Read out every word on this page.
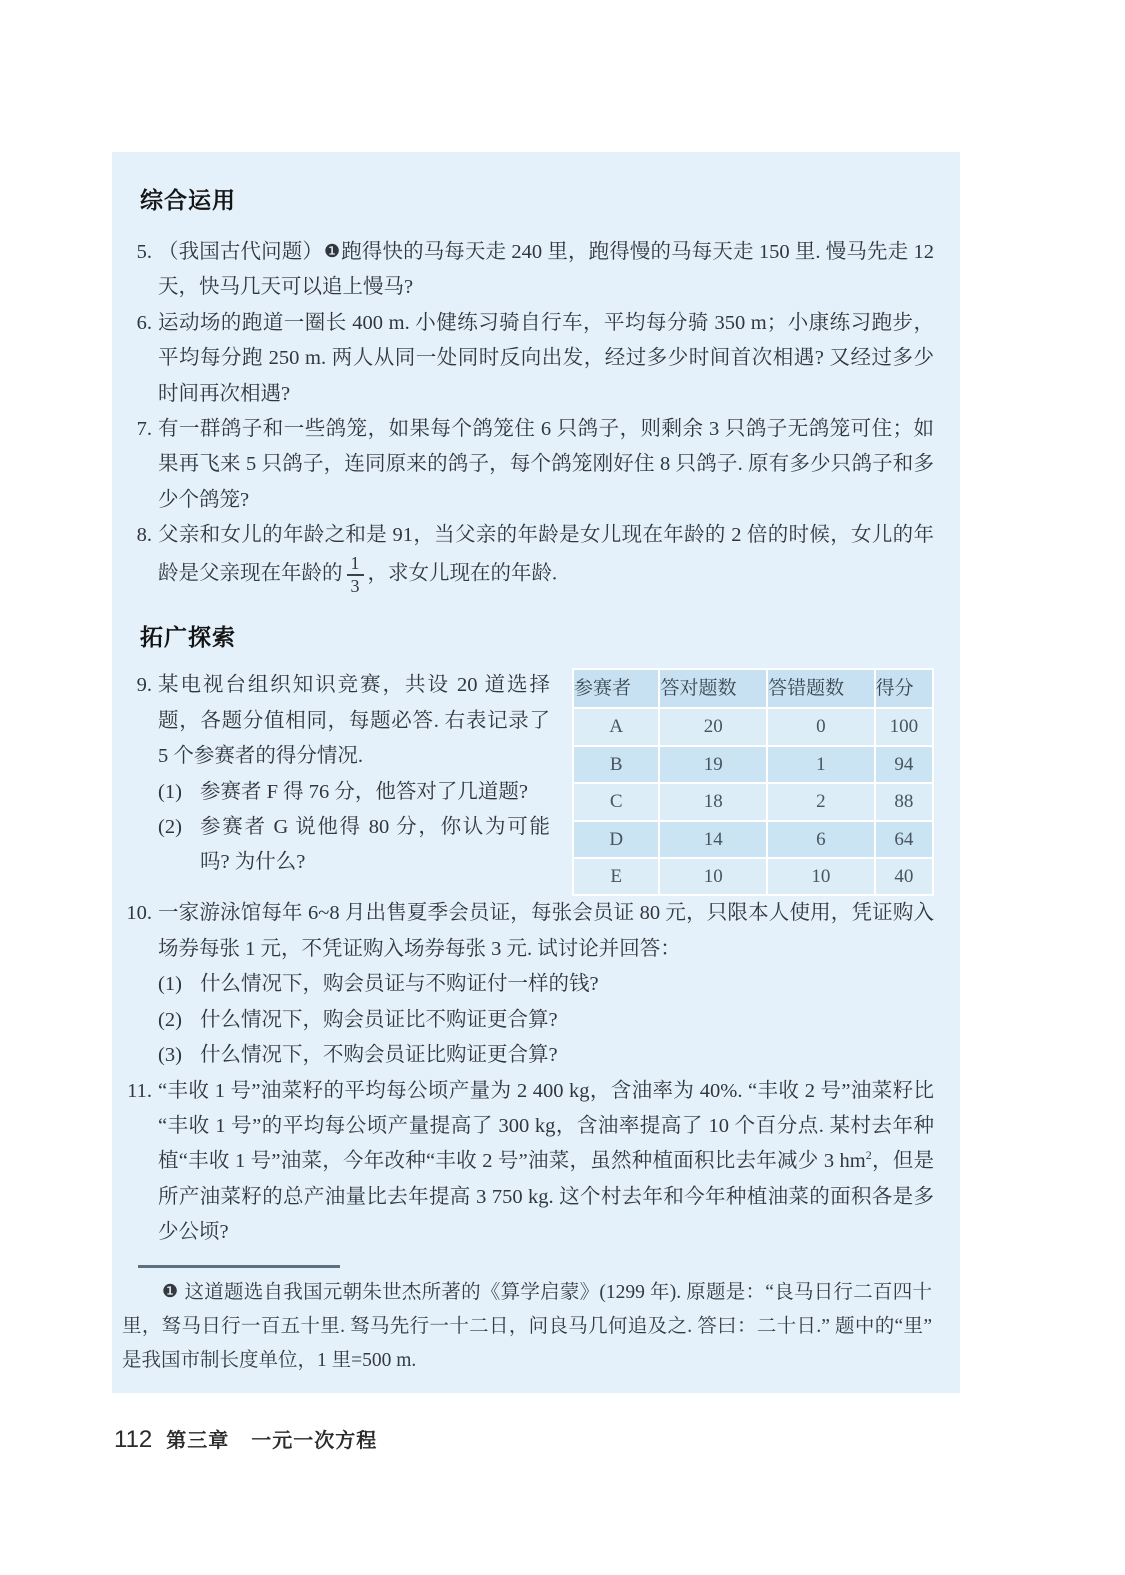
综合运用
5. （我国古代问题）❶跑得快的马每天走 240 里，跑得慢的马每天走 150 里. 慢马先走 12 天，快马几天可以追上慢马?
6. 运动场的跑道一圈长 400 m. 小健练习骑自行车，平均每分骑 350 m；小康练习跑步，平均每分跑 250 m. 两人从同一处同时反向出发，经过多少时间首次相遇? 又经过多少时间再次相遇?
7. 有一群鸽子和一些鸽笼，如果每个鸽笼住 6 只鸽子，则剩余 3 只鸽子无鸽笼可住；如果再飞来 5 只鸽子，连同原来的鸽子，每个鸽笼刚好住 8 只鸽子. 原有多少只鸽子和多少个鸽笼?
8. 父亲和女儿的年龄之和是 91，当父亲的年龄是女儿现在年龄的 2 倍的时候，女儿的年龄是父亲现在年龄的 $\frac{1}{3}$ ，求女儿现在的年龄.
拓广探索
9. 某电视台组织知识竞赛，共设 20 道选择题，各题分值相同，每题必答. 右表记录了 5 个参赛者的得分情况.
(1) 参赛者 F 得 76 分，他答对了几道题?
(2) 参赛者 G 说他得 80 分，你认为可能吗? 为什么?
参赛者	答对题数	答错题数	得分
A	20	0	100
B	19	1	94
C	18	2	88
D	14	6	64
E	10	10	40
10. 一家游泳馆每年 6~8 月出售夏季会员证，每张会员证 80 元，只限本人使用，凭证购入场券每张 1 元，不凭证购入场券每张 3 元. 试讨论并回答：
(1) 什么情况下，购会员证与不购证付一样的钱?
(2) 什么情况下，购会员证比不购证更合算?
(3) 什么情况下，不购会员证比购证更合算?
11. “丰收 1 号”油菜籽的平均每公顷产量为 2 400 kg，含油率为 40%. “丰收 2 号”油菜籽比“丰收 1 号”的平均每公顷产量提高了 300 kg，含油率提高了 10 个百分点. 某村去年种植“丰收 1 号”油菜，今年改种“丰收 2 号”油菜，虽然种植面积比去年减少 3 $hm^2$，但是所产油菜籽的总产油量比去年提高 3 750 kg. 这个村去年和今年种植油菜的面积各是多少公顷?

❶ 这道题选自我国元朝朱世杰所著的《算学启蒙》(1299 年). 原题是：“良马日行二百四十里，驽马日行一百五十里. 驽马先行一十二日，问良马几何追及之. 答曰：二十日.” 题中的“里”是我国市制长度单位，1 里=500 m.

112 第三章 一元一次方程
